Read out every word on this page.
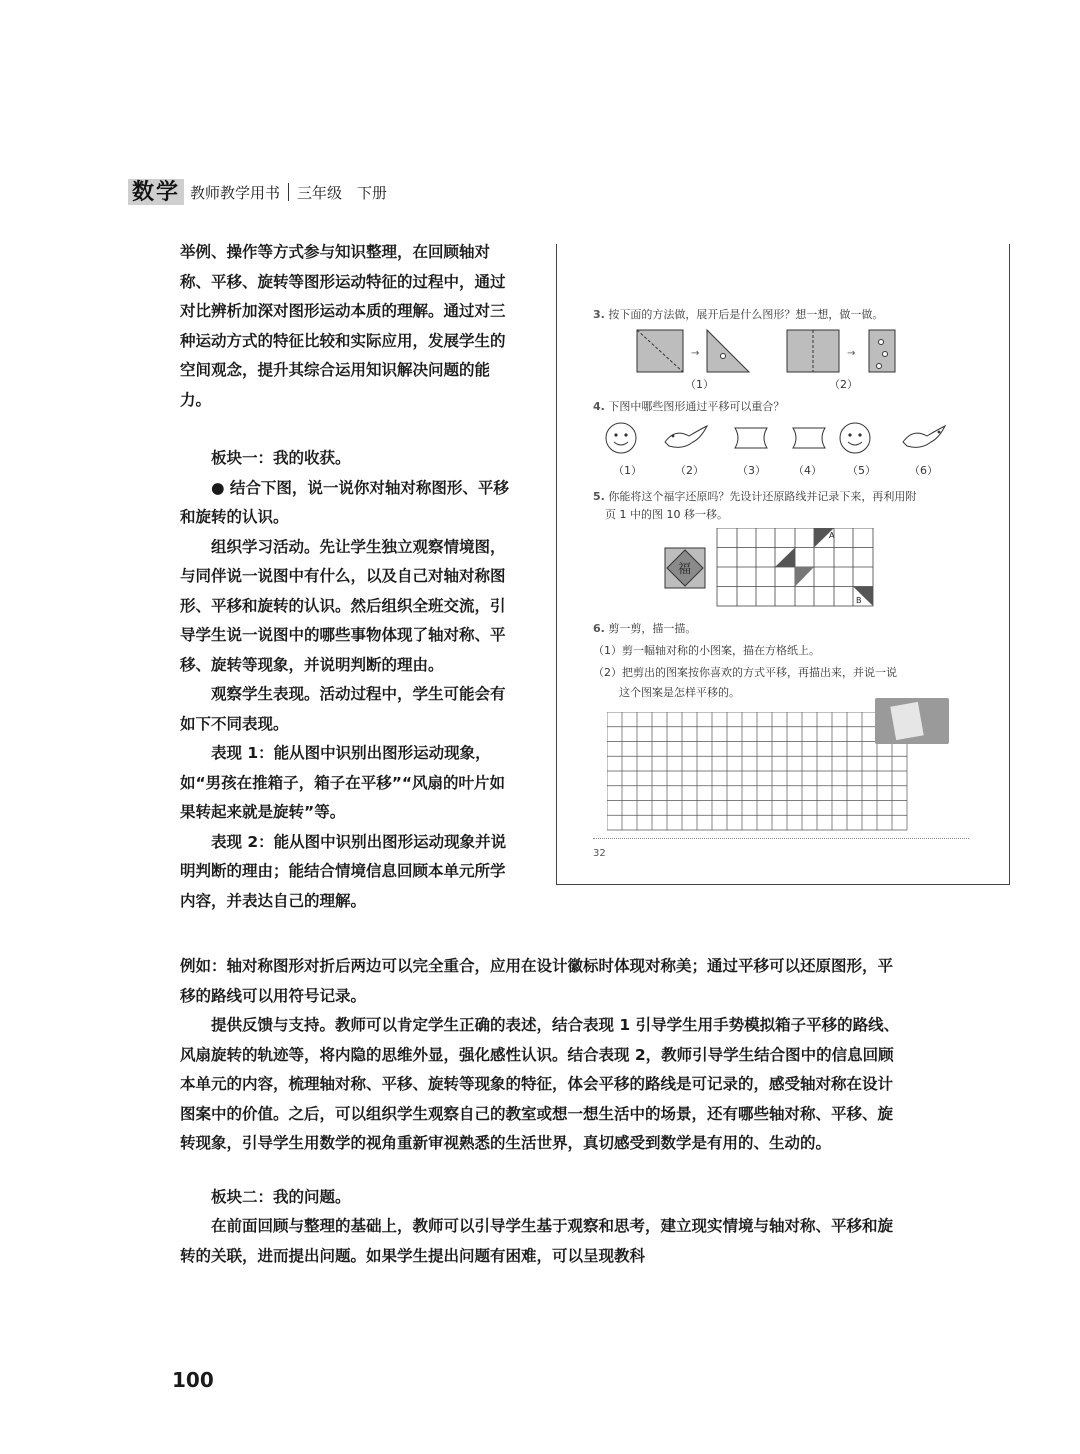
数学 教师教学用书 三年级　下册

举例、操作等方式参与知识整理，在回顾轴对称、平移、旋转等图形运动特征的过程中，通过对比辨析加深对图形运动本质的理解。通过对三种运动方式的特征比较和实际应用，发展学生的空间观念，提升其综合运用知识解决问题的能力。

板块一：我的收获。

● 结合下图，说一说你对轴对称图形、平移和旋转的认识。

组织学习活动。先让学生独立观察情境图，与同伴说一说图中有什么，以及自己对轴对称图形、平移和旋转的认识。然后组织全班交流，引导学生说一说图中的哪些事物体现了轴对称、平移、旋转等现象，并说明判断的理由。

观察学生表现。活动过程中，学生可能会有如下不同表现。

表现 1：能从图中识别出图形运动现象，如“男孩在推箱子，箱子在平移”“风扇的叶片如果转起来就是旋转”等。

表现 2：能从图中识别出图形运动现象并说明判断的理由；能结合情境信息回顾本单元所学内容，并表达自己的理解。

例如：轴对称图形对折后两边可以完全重合，应用在设计徽标时体现对称美；通过平移可以还原图形，平移的路线可以用符号记录。

提供反馈与支持。教师可以肯定学生正确的表述，结合表现 1 引导学生用手势模拟箱子平移的路线、风扇旋转的轨迹等，将内隐的思维外显，强化感性认识。结合表现 2，教师引导学生结合图中的信息回顾本单元的内容，梳理轴对称、平移、旋转等现象的特征，体会平移的路线是可记录的，感受轴对称在设计图案中的价值。之后，可以组织学生观察自己的教室或想一想生活中的场景，还有哪些轴对称、平移、旋转现象，引导学生用数学的视角重新审视熟悉的生活世界，真切感受到数学是有用的、生动的。

板块二：我的问题。

在前面回顾与整理的基础上，教师可以引导学生基于观察和思考，建立现实情境与轴对称、平移和旋转的关联，进而提出问题。如果学生提出问题有困难，可以呈现教科

100
3. 按下面的方法做，展开后是什么图形？想一想，做一做。
→	→
（1）	（2）
4. 下图中哪些图形通过平移可以重合？
（1）	（2）	（3） （4） （5）	（6）
5. 你能将这个福字还原吗？先设计还原路线并记录下来，再利用附
页 1 中的图 10 移一移。
福
A
B
6. 剪一剪，描一描。
（1）剪一幅轴对称的小图案，描在方格纸上。
（2）把剪出的图案按你喜欢的方式平移，再描出来，并说一说
这个图案是怎样平移的。
32
